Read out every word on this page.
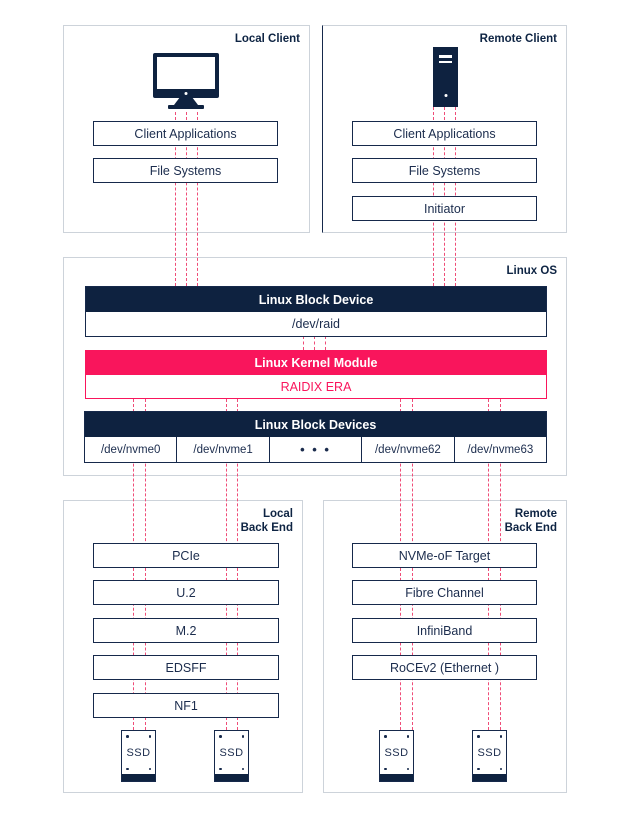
Local Client	Remote Client
Linux OS
Local
Back End
Remote
Back End
Client Applications
File Systems
Client Applications
File Systems
Initiator
Linux Block Device
/dev/raid
Linux Kernel Module
RAIDIX ERA
Linux Block Devices
/dev/nvme0	/dev/nvme1	• • •	/dev/nvme62	/dev/nvme63
PCIe
U.2
M.2
EDSFF
NF1
SSD	SSD
NVMe-oF Target
Fibre Channel
InfiniBand
RoCEv2 (Ethernet )
SSD	SSD
